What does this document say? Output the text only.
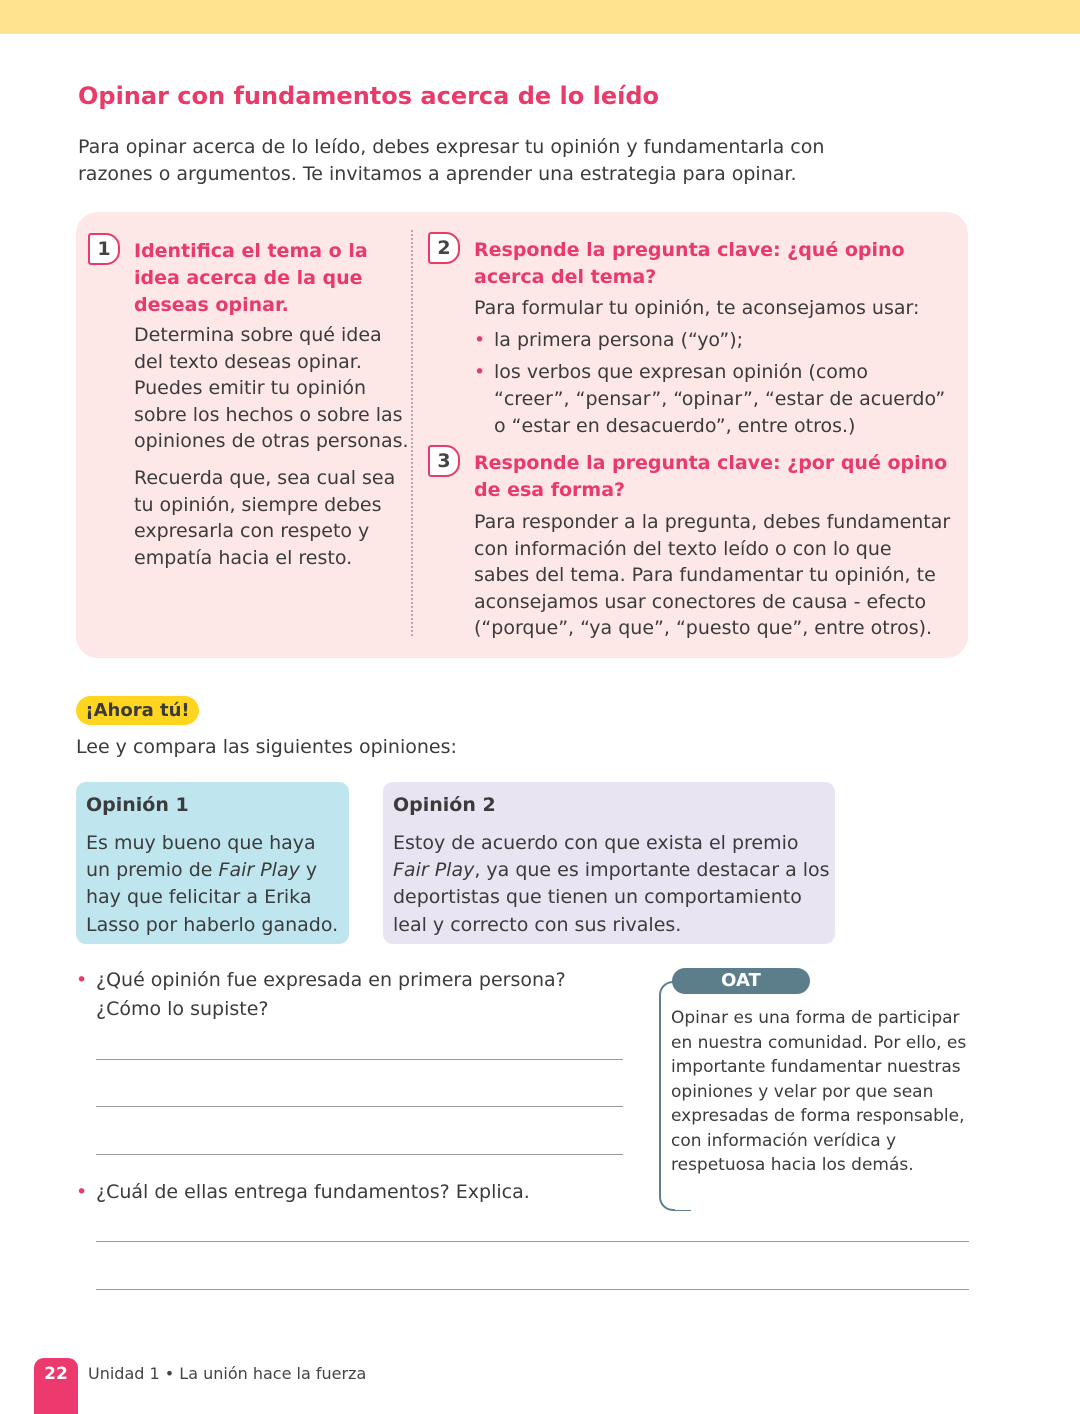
Opinar con fundamentos acerca de lo leído

Para opinar acerca de lo leído, debes expresar tu opinión y fundamentarla con razones o argumentos. Te invitamos a aprender una estrategia para opinar.

1	Identifica el tema o la idea acerca de la que deseas opinar.

Determina sobre qué idea del texto deseas opinar. Puedes emitir tu opinión sobre los hechos o sobre las opiniones de otras personas.

Recuerda que, sea cual sea tu opinión, siempre debes expresarla con respeto y empatía hacia el resto.

2	Responde la pregunta clave: ¿qué opino acerca del tema?

Para formular tu opinión, te aconsejamos usar:

• la primera persona (“yo”);
• los verbos que expresan opinión (como “creer”, “pensar”, “opinar”, “estar de acuerdo” o “estar en desacuerdo”, entre otros.)
3	Responde la pregunta clave: ¿por qué opino de esa forma?

Para responder a la pregunta, debes fundamentar con información del texto leído o con lo que sabes del tema. Para fundamentar tu opinión, te aconsejamos usar conectores de causa - efecto (“porque”, “ya que”, “puesto que”, entre otros).

¡Ahora tú!

Lee y compara las siguientes opiniones:

Opinión 1

Es muy bueno que haya un premio de Fair Play y hay que felicitar a Erika Lasso por haberlo ganado.

Opinión 2

Estoy de acuerdo con que exista el premio Fair Play, ya que es importante destacar a los deportistas que tienen un comportamiento leal y correcto con sus rivales.

• ¿Qué opinión fue expresada en primera persona? ¿Cómo lo supiste?

• ¿Cuál de ellas entrega fundamentos? Explica.

OAT

Opinar es una forma de participar en nuestra comunidad. Por ello, es importante fundamentar nuestras opiniones y velar por que sean expresadas de forma responsable, con información verídica y respetuosa hacia los demás.

22	Unidad 1 • La unión hace la fuerza
